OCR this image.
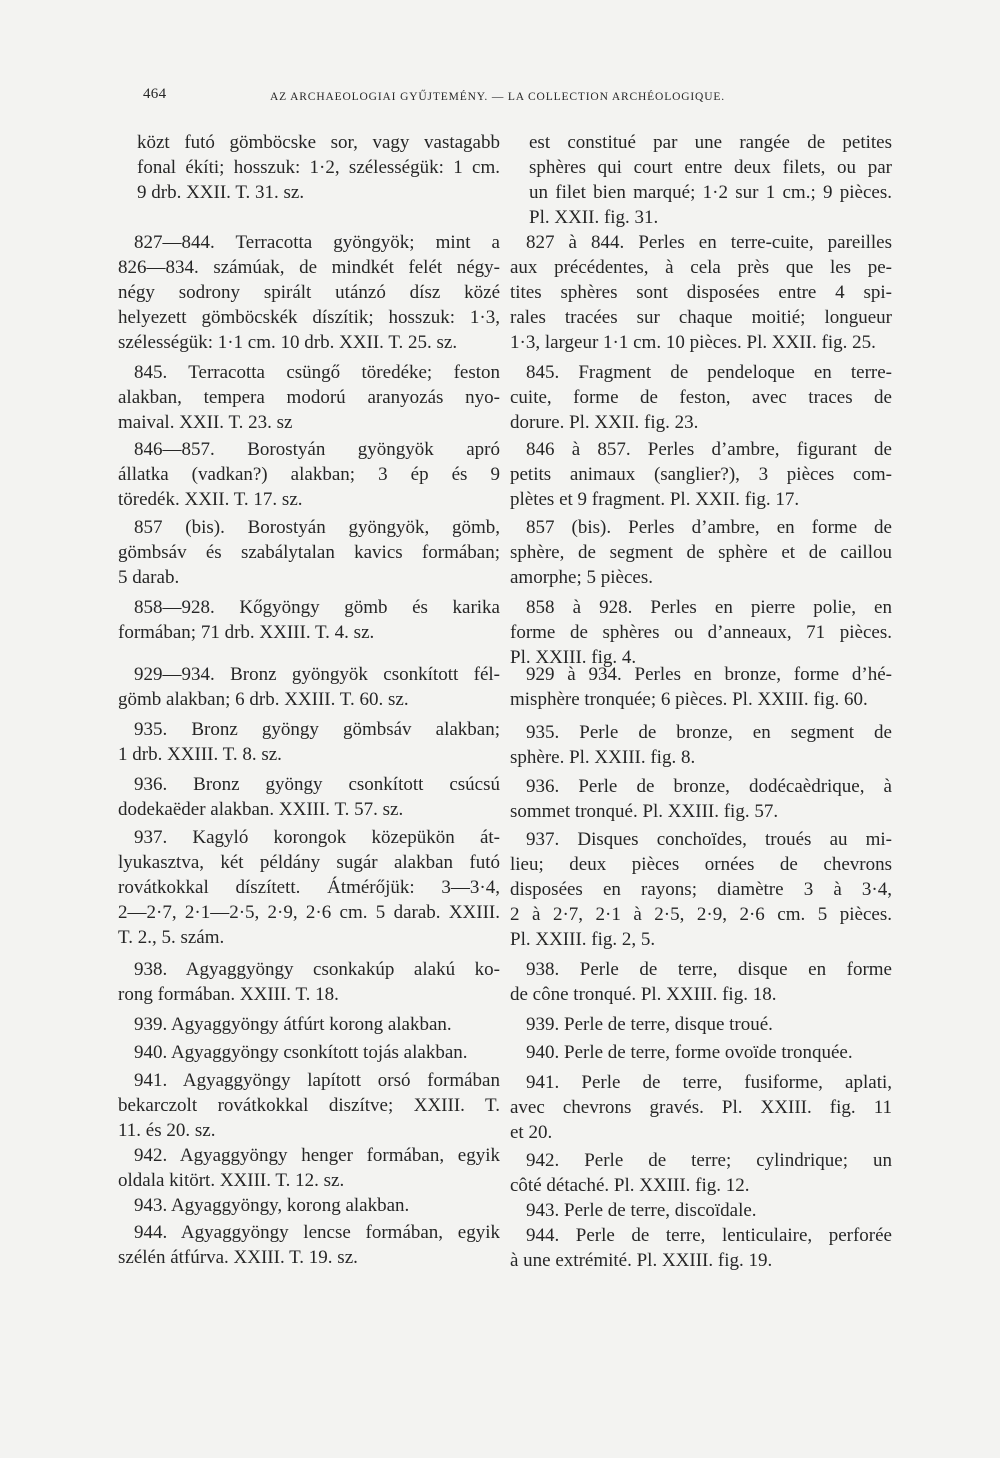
464	AZ ARCHAEOLOGIAI GYŰJTEMÉNY. — LA COLLECTION ARCHÉOLOGIQUE.
közt futó gömböcske sor, vagy vastagabb
fonal ékíti; hosszuk: 1·2, szélességük: 1 cm.
9 drb. XXII. T. 31. sz.
827—844. Terracotta gyöngyök; mint a
826—834. számúak, de mindkét felét négy-
négy sodrony spirált utánzó dísz közé
helyezett gömböcskék díszítik; hosszuk: 1·3,
szélességük: 1·1 cm. 10 drb. XXII. T. 25. sz.
845. Terracotta csüngő töredéke; feston
alakban, tempera modorú aranyozás nyo-
maival. XXII. T. 23. sz
846—857. Borostyán gyöngyök apró
állatka (vadkan?) alakban; 3 ép és 9
töredék. XXII. T. 17. sz.
857 (bis). Borostyán gyöngyök, gömb,
gömbsáv és szabálytalan kavics formában;
5 darab.
858—928. Kőgyöngy gömb és karika
formában; 71 drb. XXIII. T. 4. sz.
929—934. Bronz gyöngyök csonkított fél-
gömb alakban; 6 drb. XXIII. T. 60. sz.
935. Bronz gyöngy gömbsáv alakban;
1 drb. XXIII. T. 8. sz.
936. Bronz gyöngy csonkított csúcsú
dodekaëder alakban. XXIII. T. 57. sz.
937. Kagyló korongok közepükön át-
lyukasztva, két példány sugár alakban futó
rovátkokkal díszített. Átmérőjük: 3—3·4,
2—2·7, 2·1—2·5, 2·9, 2·6 cm. 5 darab. XXIII.
T. 2., 5. szám.
938. Agyaggyöngy csonkakúp alakú ko-
rong formában. XXIII. T. 18.
939. Agyaggyöngy átfúrt korong alakban.
940. Agyaggyöngy csonkított tojás alakban.
941. Agyaggyöngy lapított orsó formában
bekarczolt rovátkokkal diszítve; XXIII. T.
11. és 20. sz.
942. Agyaggyöngy henger formában, egyik
oldala kitört. XXIII. T. 12. sz.
943. Agyaggyöngy, korong alakban.
944. Agyaggyöngy lencse formában, egyik
szélén átfúrva. XXIII. T. 19. sz.
est constitué par une rangée de petites
sphères qui court entre deux filets, ou par
un filet bien marqué; 1·2 sur 1 cm.; 9 pièces.
Pl. XXII. fig. 31.
827 à 844. Perles en terre-cuite, pareilles
aux précédentes, à cela près que les pe-
tites sphères sont disposées entre 4 spi-
rales tracées sur chaque moitié; longueur
1·3, largeur 1·1 cm. 10 pièces. Pl. XXII. fig. 25.
845. Fragment de pendeloque en terre-
cuite, forme de feston, avec traces de
dorure. Pl. XXII. fig. 23.
846 à 857. Perles d’ambre, figurant de
petits animaux (sanglier?), 3 pièces com-
plètes et 9 fragment. Pl. XXII. fig. 17.
857 (bis). Perles d’ambre, en forme de
sphère, de segment de sphère et de caillou
amorphe; 5 pièces.
858 à 928. Perles en pierre polie, en
forme de sphères ou d’anneaux, 71 pièces.
Pl. XXIII. fig. 4.
929 à 934. Perles en bronze, forme d’hé-
misphère tronquée; 6 pièces. Pl. XXIII. fig. 60.
935. Perle de bronze, en segment de
sphère. Pl. XXIII. fig. 8.
936. Perle de bronze, dodécaèdrique, à
sommet tronqué. Pl. XXIII. fig. 57.
937. Disques conchoïdes, troués au mi-
lieu; deux pièces ornées de chevrons
disposées en rayons; diamètre 3 à 3·4,
2 à 2·7, 2·1 à 2·5, 2·9, 2·6 cm. 5 pièces.
Pl. XXIII. fig. 2, 5.
938. Perle de terre, disque en forme
de cône tronqué. Pl. XXIII. fig. 18.
939. Perle de terre, disque troué.
940. Perle de terre, forme ovoïde tronquée.
941. Perle de terre, fusiforme, aplati,
avec chevrons gravés. Pl. XXIII. fig. 11
et 20.
942. Perle de terre; cylindrique; un
côté détaché. Pl. XXIII. fig. 12.
943. Perle de terre, discoïdale.
944. Perle de terre, lenticulaire, perforée
à une extrémité. Pl. XXIII. fig. 19.
